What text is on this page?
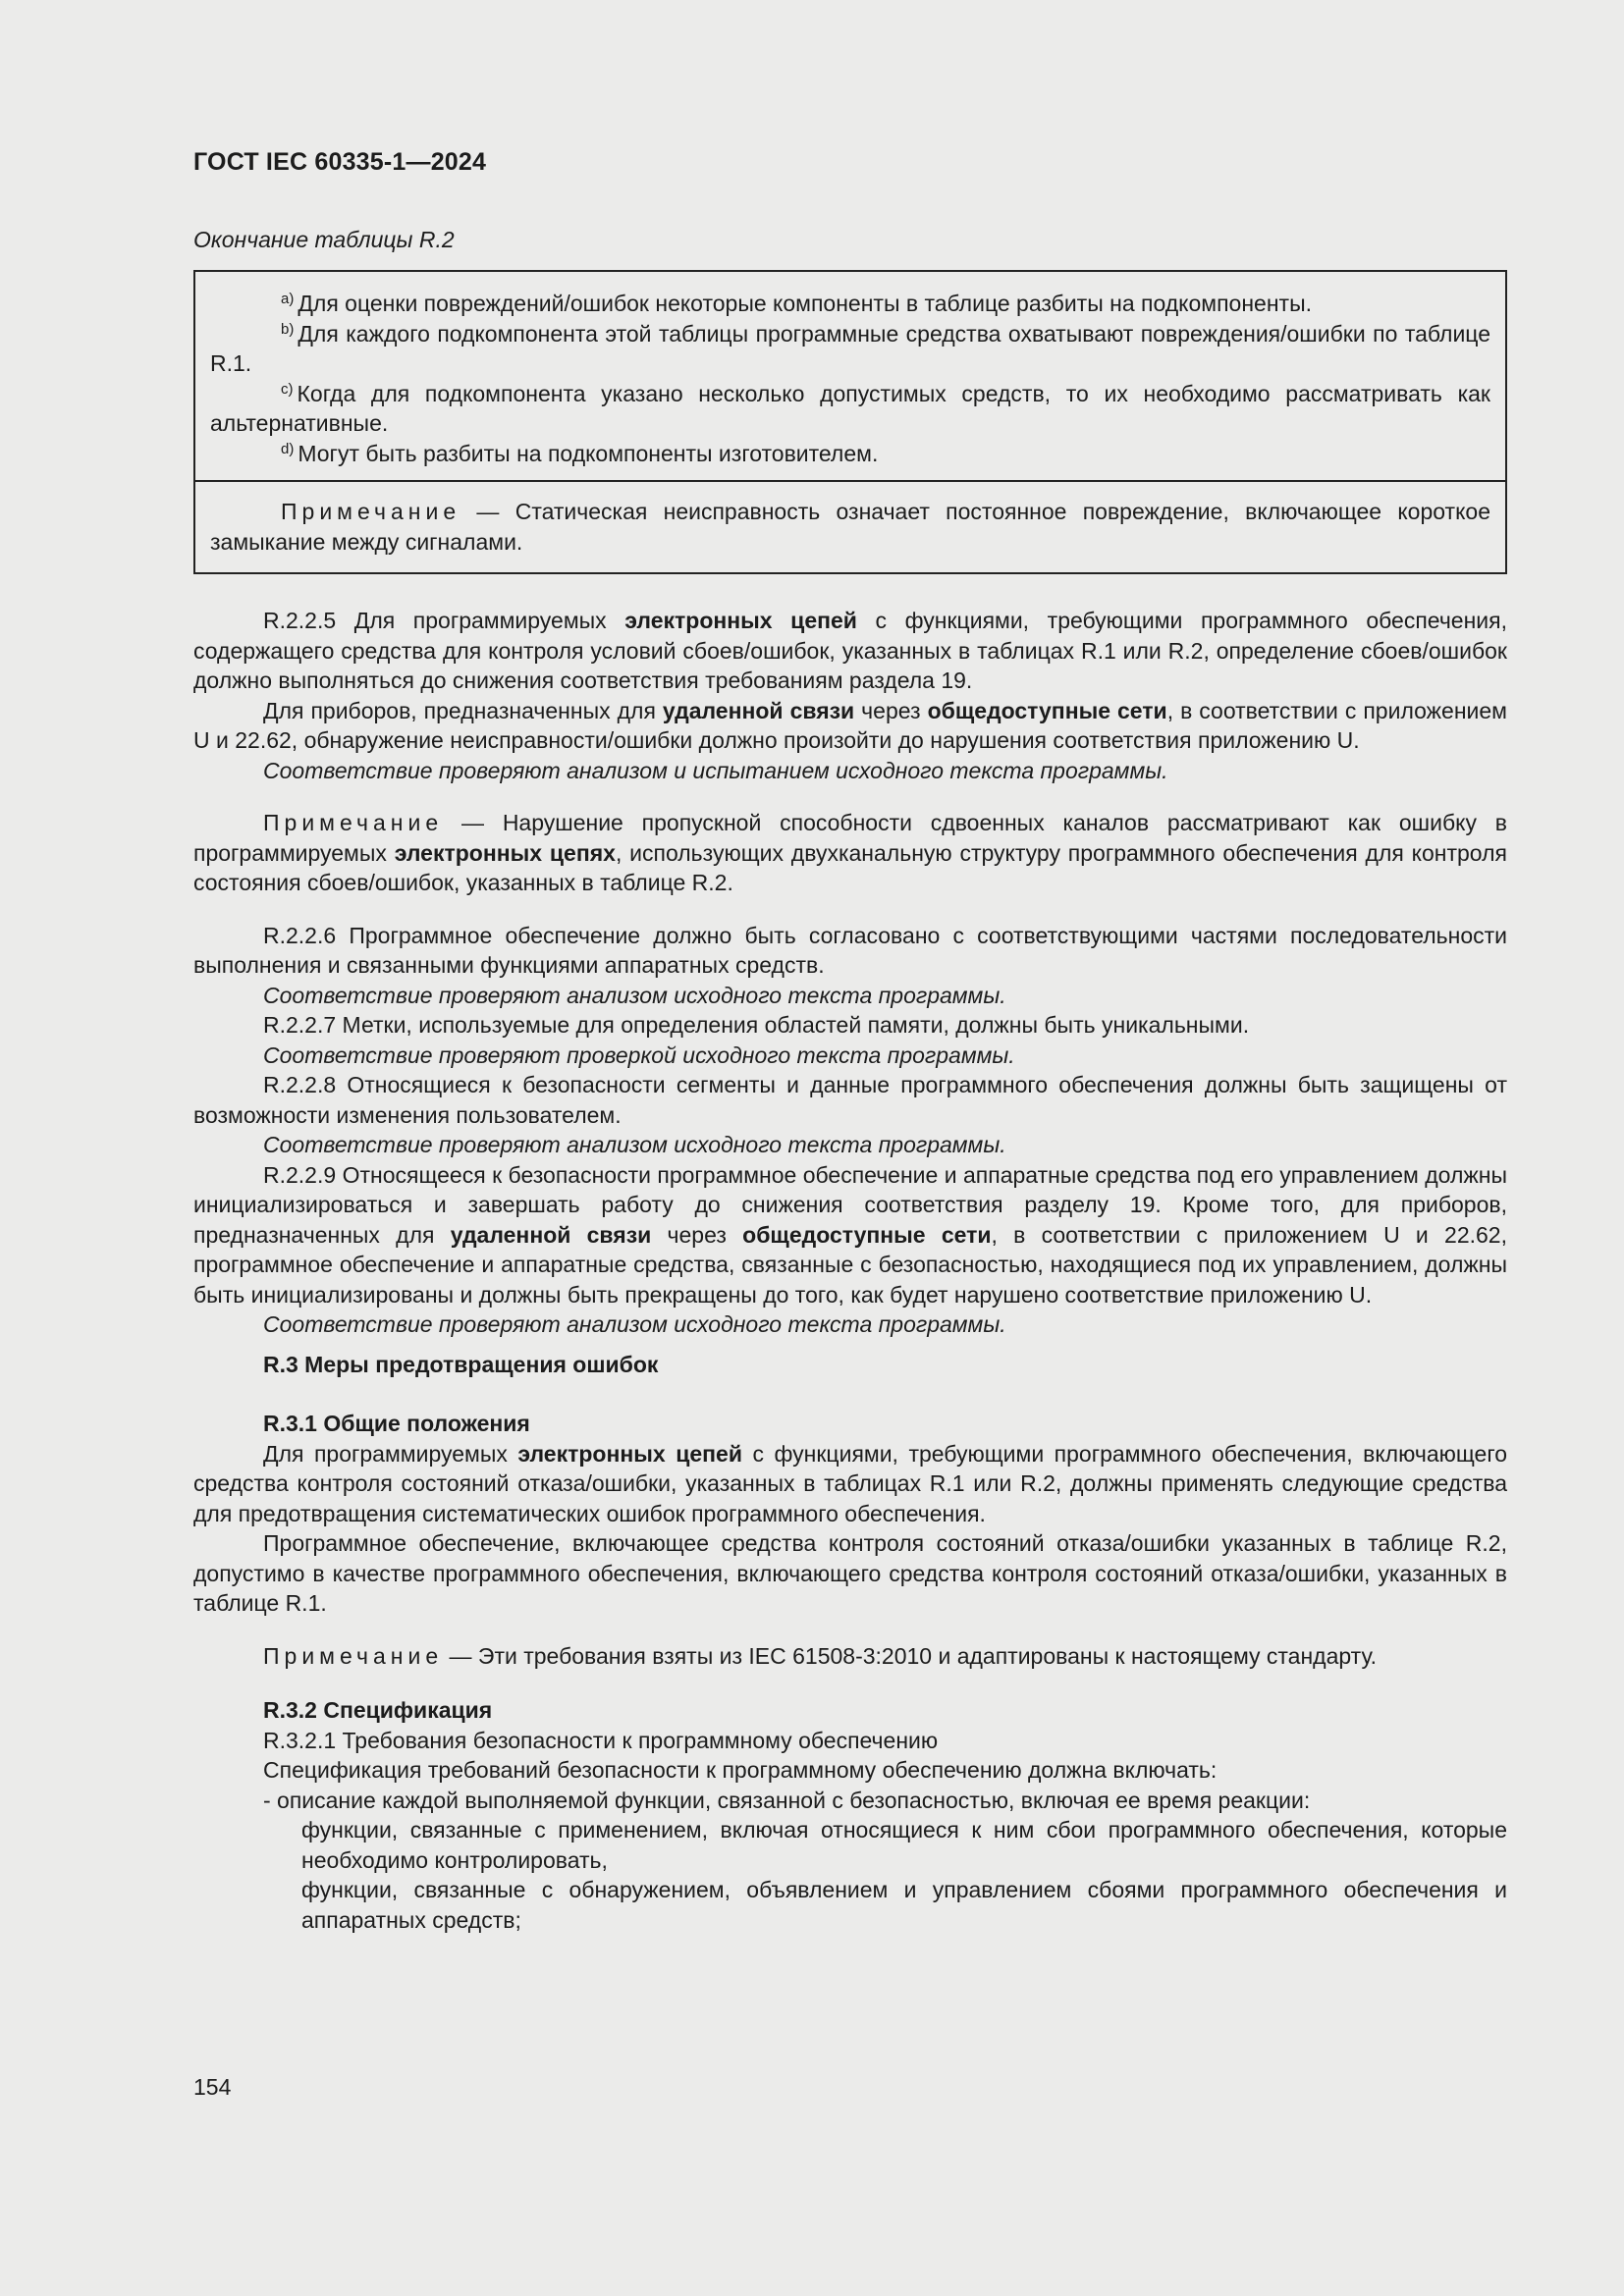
ГОСТ IEC 60335-1—2024
Окончание таблицы R.2

$^{a)}$ Для оценки повреждений/ошибок некоторые компоненты в таблице разбиты на подкомпоненты.

$^{b)}$ Для каждого подкомпонента этой таблицы программные средства охватывают повреждения/ошибки по таблице R.1.

$^{c)}$ Когда для подкомпонента указано несколько допустимых средств, то их необходимо рассматривать как альтернативные.

$^{d)}$ Могут быть разбиты на подкомпоненты изготовителем.

Примечание — Статическая неисправность означает постоянное повреждение, включающее короткое замыкание между сигналами.

R.2.2.5 Для программируемых электронных цепей с функциями, требующими программного обеспечения, содержащего средства для контроля условий сбоев/ошибок, указанных в таблицах R.1 или R.2, определение сбоев/ошибок должно выполняться до снижения соответствия требованиям раздела 19.

Для приборов, предназначенных для удаленной связи через общедоступные сети, в соответствии с приложением U и 22.62, обнаружение неисправности/ошибки должно произойти до нарушения соответствия приложению U.

Соответствие проверяют анализом и испытанием исходного текста программы.

Примечание — Нарушение пропускной способности сдвоенных каналов рассматривают как ошибку в программируемых электронных цепях, использующих двухканальную структуру программного обеспечения для контроля состояния сбоев/ошибок, указанных в таблице R.2.

R.2.2.6 Программное обеспечение должно быть согласовано с соответствующими частями последовательности выполнения и связанными функциями аппаратных средств.

Соответствие проверяют анализом исходного текста программы.

R.2.2.7 Метки, используемые для определения областей памяти, должны быть уникальными.

Соответствие проверяют проверкой исходного текста программы.

R.2.2.8 Относящиеся к безопасности сегменты и данные программного обеспечения должны быть защищены от возможности изменения пользователем.

Соответствие проверяют анализом исходного текста программы.

R.2.2.9 Относящееся к безопасности программное обеспечение и аппаратные средства под его управлением должны инициализироваться и завершать работу до снижения соответствия разделу 19. Кроме того, для приборов, предназначенных для удаленной связи через общедоступные сети, в соответствии с приложением U и 22.62, программное обеспечение и аппаратные средства, связанные с безопасностью, находящиеся под их управлением, должны быть инициализированы и должны быть прекращены до того, как будет нарушено соответствие приложению U.

Соответствие проверяют анализом исходного текста программы.

R.3 Меры предотвращения ошибок
R.3.1 Общие положения

Для программируемых электронных цепей с функциями, требующими программного обеспечения, включающего средства контроля состояний отказа/ошибки, указанных в таблицах R.1 или R.2, должны применять следующие средства для предотвращения систематических ошибок программного обеспечения.

Программное обеспечение, включающее средства контроля состояний отказа/ошибки указанных в таблице R.2, допустимо в качестве программного обеспечения, включающего средства контроля состояний отказа/ошибки, указанных в таблице R.1.

Примечание — Эти требования взяты из IEC 61508-3:2010 и адаптированы к настоящему стандарту.

R.3.2 Спецификация

R.3.2.1 Требования безопасности к программному обеспечению

Спецификация требований безопасности к программному обеспечению должна включать:

- описание каждой выполняемой функции, связанной с безопасностью, включая ее время реакции:

функции, связанные с применением, включая относящиеся к ним сбои программного обеспечения, которые необходимо контролировать,

функции, связанные с обнаружением, объявлением и управлением сбоями программного обеспечения и аппаратных средств;

154
